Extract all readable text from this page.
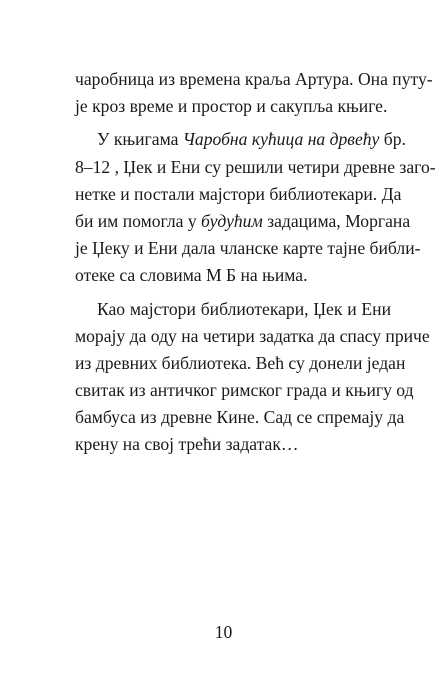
чаробница из времена краља Артура. Она путу-
је кроз време и простор и сакупља књиге.
У књигама Чаробна кућица на дрвећу бр.
8–12 , Џек и Ени су решили четири древне заго-
нетке и постали мајстори библиотекари. Да
би им помогла у будућим задацима, Моргана
је Џеку и Ени дала чланске карте тајне библи-
отеке са словима М Б на њима.
Као мајстори библиотекари, Џек и Ени
морају да оду на четири задатка да спасу приче
из древних библиотека. Већ су донели један
свитак из античког римског града и књигу од
бамбуса из древне Кине. Сад се спремају да
крену на свој трећи задатак…
10
